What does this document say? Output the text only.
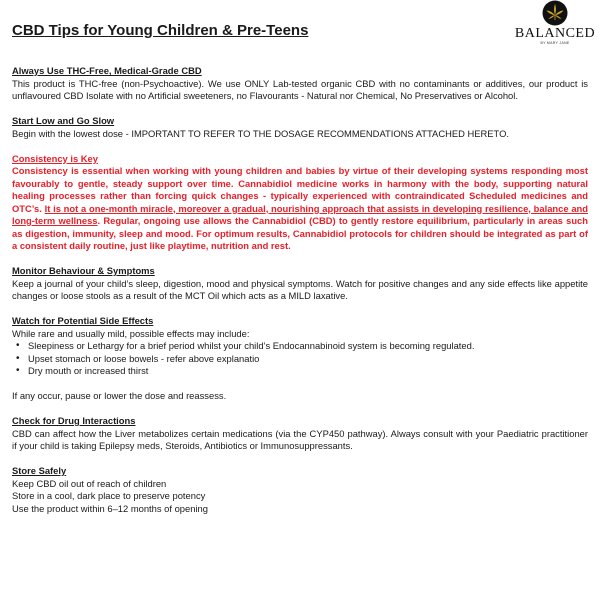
CBD Tips for Young Children & Pre-Teens	BALANCED
BY MARY JANE

Always Use THC-Free, Medical-Grade CBD

This product is THC-free (non-Psychoactive). We use ONLY Lab-tested organic CBD with no contaminants or additives, our product is unflavoured CBD Isolate with no Artificial sweeteners, no Flavourants - Natural nor Chemical, No Preservatives or Alcohol.

Start Low and Go Slow

Begin with the lowest dose - IMPORTANT TO REFER TO THE DOSAGE RECOMMENDATIONS ATTACHED HERETO.

Consistency is Key

Consistency is essential when working with young children and babies by virtue of their developing systems responding most favourably to gentle, steady support over time. Cannabidiol medicine works in harmony with the body, supporting natural healing processes rather than forcing quick changes - typically experienced with contraindicated Scheduled medicines and OTC’s. It is not a one-month miracle, moreover a gradual, nourishing approach that assists in developing resilience, balance and long-term wellness. Regular, ongoing use allows the Cannabidiol (CBD) to gently restore equilibrium, particularly in areas such as digestion, immunity, sleep and mood. For optimum results, Cannabidiol protocols for children should be integrated as part of a consistent daily routine, just like playtime, nutrition and rest.

Monitor Behaviour & Symptoms

Keep a journal of your child’s sleep, digestion, mood and physical symptoms. Watch for positive changes and any side effects like appetite changes or loose stools as a result of the MCT Oil which acts as a MILD laxative.

Watch for Potential Side Effects

While rare and usually mild, possible effects may include:

• Sleepiness or Lethargy for a brief period whilst your child’s Endocannabinoid system is becoming regulated.
• Upset stomach or loose bowels - refer above explanatio
• Dry mouth or increased thirst

If any occur, pause or lower the dose and reassess.

Check for Drug Interactions

CBD can affect how the Liver metabolizes certain medications (via the CYP450 pathway). Always consult with your Paediatric practitioner if your child is taking Epilepsy meds, Steroids, Antibiotics or Immunosuppressants.

Store Safely

Keep CBD oil out of reach of children

Store in a cool, dark place to preserve potency

Use the product within 6–12 months of opening
